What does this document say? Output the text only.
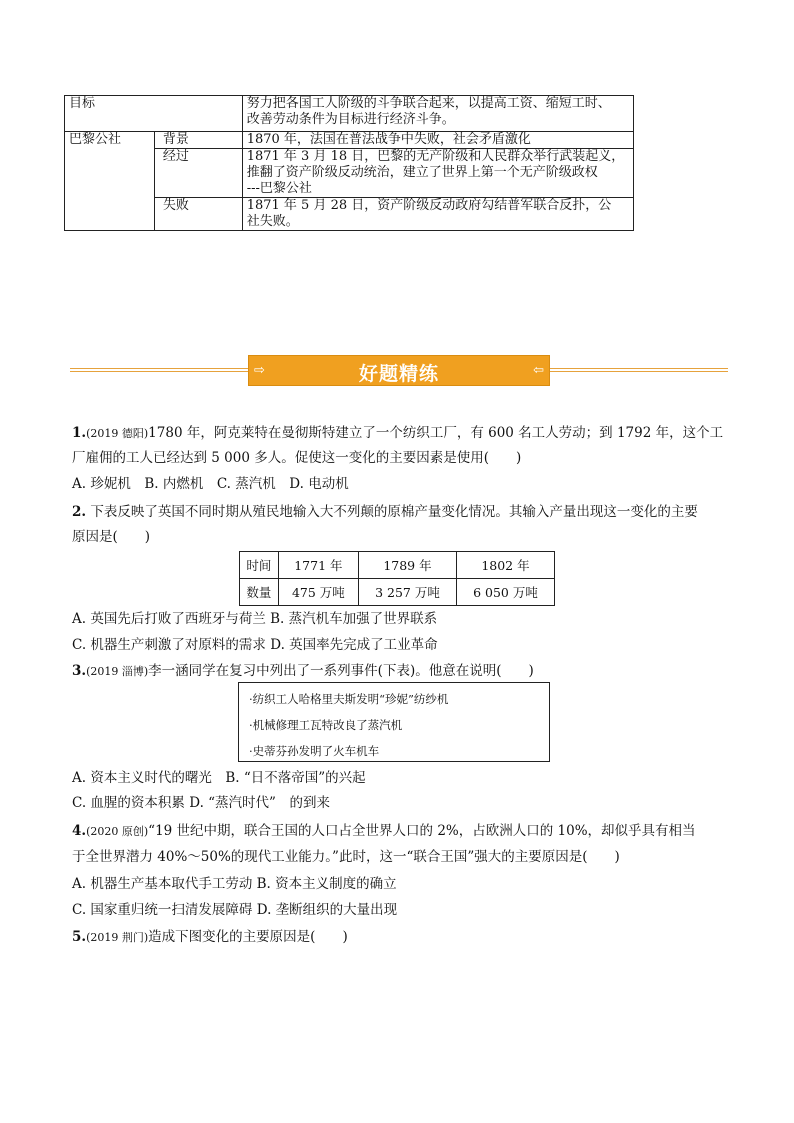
目标		努力把各国工人阶级的斗争联合起来，以提高工资、缩短工时、
改善劳动条件为目标进行经济斗争。

巴黎公社	背景	1870 年，法国在普法战争中失败，社会矛盾激化

	经过	1871 年 3 月 18 日，巴黎的无产阶级和人民群众举行武装起义，
推翻了资产阶级反动统治，建立了世界上第一个无产阶级政权
---巴黎公社

	失败	1871 年 5 月 28 日，资产阶级反动政府勾结普军联合反扑，公
社失败。
⇨	好题精练	⇦
1.(2019 德阳)1780 年，阿克莱特在曼彻斯特建立了一个纺织工厂，有 600 名工人劳动；到 1792 年，这个工
厂雇佣的工人已经达到 5 000 多人。促使这一变化的主要因素是使用(　　)
A. 珍妮机　B. 内燃机　C. 蒸汽机　D. 电动机
2. 下表反映了英国不同时期从殖民地输入大不列颠的原棉产量变化情况。其输入产量出现这一变化的主要
原因是(　　)
时间	1771 年	1789 年	1802 年
数量	475 万吨	3 257 万吨	6 050 万吨
A. 英国先后打败了西班牙与荷兰 B. 蒸汽机车加强了世界联系
C. 机器生产刺激了对原料的需求 D. 英国率先完成了工业革命
3.(2019 淄博)李一涵同学在复习中列出了一系列事件(下表)。他意在说明(　　)
·纺织工人哈格里夫斯发明“珍妮”纺纱机
·机械修理工瓦特改良了蒸汽机
·史蒂芬孙发明了火车机车
A. 资本主义时代的曙光　B. “日不落帝国”的兴起
C. 血腥的资本积累 D. “蒸汽时代”　的到来
4.(2020 原创)“19 世纪中期，联合王国的人口占全世界人口的 2%，占欧洲人口的 10%，却似乎具有相当
于全世界潜力 40%～50%的现代工业能力。”此时，这一“联合王国”强大的主要原因是(　　)
A. 机器生产基本取代手工劳动 B. 资本主义制度的确立
C. 国家重归统一扫清发展障碍 D. 垄断组织的大量出现
5.(2019 荆门)造成下图变化的主要原因是(　　)
